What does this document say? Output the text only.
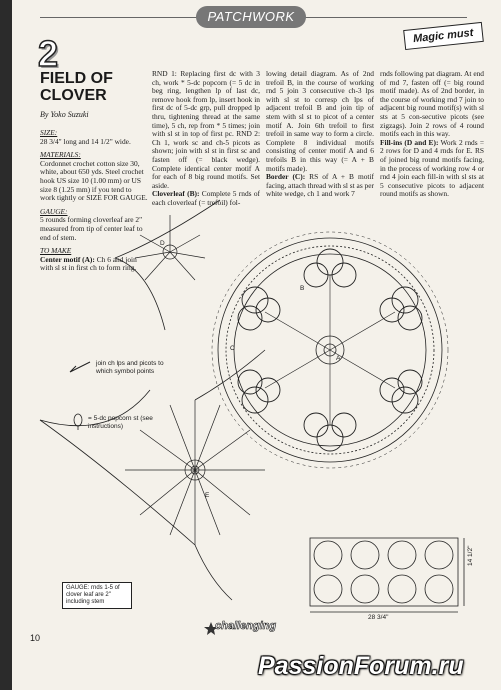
PATCHWORK
Magic must
2
FIELD OF CLOVER
By Yoko Suzuki
SIZE:
28 3/4" long and 14 1/2" wide.
MATERIALS:
Cordonnet crochet cotton size 30, white, about 650 yds. Steel crochet hook US size 10 (1.00 mm) or US size 8 (1.25 mm) if you tend to work tightly or SIZE FOR GAUGE.
GAUGE:
5 rounds forming cloverleaf are 2" measured from tip of center leaf to end of stem.
TO MAKE
Center motif (A): Ch 6 and join with sl st in first ch to form ring.
RND 1: Replacing first dc with 3 ch, work * 5-dc popcorn (= 5 dc in beg ring, lengthen lp of last dc, remove hook from lp, insert hook in first dc of 5-dc grp, pull dropped lp thru, tightening thread at the same time), 5 ch, rep from * 5 times; join with sl st in top of first pc. RND 2: Ch 1, work sc and ch-5 picots as shown; join with sl st in first sc and fasten off (= black wedge). Complete identical center motif A for each of 8 big round motifs. Set aside.
Cloverleaf (B): Complete 5 rnds of each cloverleaf (= trefoil) fol-
lowing detail diagram. As of 2nd trefoil B, in the course of working rnd 5 join 3 consecutive ch-3 lps with sl st to corresp ch lps of adjacent trefoil B and join tip of stem with sl st to picot of a center motif A. Join 6th trefoil to first trefoil in same way to form a circle. Complete 8 individual motifs consisting of center motif A and 6 trefoils B in this way (= A + B motifs made).
Border (C): RS of A + B motif facing, attach thread with sl st as per white wedge, ch 1 and work 7
rnds following pat diagram. At end of rnd 7, fasten off (= big round motif made). As of 2nd border, in the course of working rnd 7 join to adjacent big round motif(s) with sl sts at 5 con-secutive picots (see zigzags). Join 2 rows of 4 round motifs each in this way.
Fill-ins (D and E): Work 2 rnds = 2 rows for D and 4 rnds for E. RS of joined big round motifs facing, in the process of working row 4 or rnd 4 join each fill-in with sl sts at 5 consecutive picots to adjacent round motifs as shown.
join ch lps and picots to which symbol points
= 5-dc popcorn st (see instructions)
GAUGE: rnds 1-5 of clover leaf are 2" including stem
D
E
A
B
C
28 3/4"
14 1/2"
10
challenging
PassionForum.ru
